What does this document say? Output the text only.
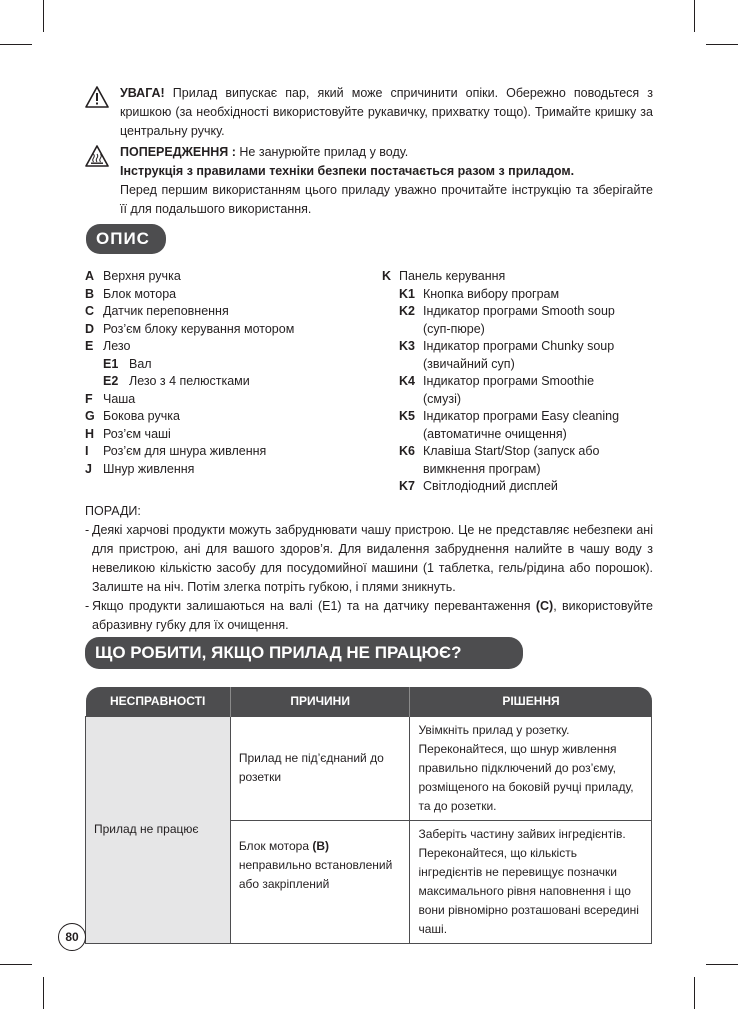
УВАГА! Прилад випускає пар, який може спричинити опіки. Обережно поводьтеся з кришкою (за необхідності використовуйте рукавичку, прихватку тощо). Тримайте кришку за центральну ручку.

ПОПЕРЕДЖЕННЯ : Не занурюйте прилад у воду.

Інструкція з правилами техніки безпеки постачається разом з приладом.

Перед першим використанням цього приладу уважно прочитайте інструкцію та зберігайте її для подальшого використання.

ОПИС
A Верхня ручка
B Блок мотора
C Датчик переповнення
D Роз’єм блоку керування мотором
E Лезо
E1 Вал
E2 Лезо з 4 пелюстками
F Чаша
G Бокова ручка
H Роз’єм чаші
I	Роз’єм для шнура живлення
J Шнур живлення
K Панель керування
K1 Кнопка вибору програм
K2 Індикатор програми Smooth soup (суп-пюре)
K3 Індикатор програми Chunky soup (звичайний суп)
K4 Індикатор програми Smoothie (смузі)
K5 Індикатор програми Easy cleaning (автоматичне очищення)
K6 Клавіша Start/Stop (запуск або вимкнення програм)
K7 Світлодіодний дисплей

ПОРАДИ:

- Деякі харчові продукти можуть забруднювати чашу пристрою. Це не представляє небезпеки ані для пристрою, ані для вашого здоров’я. Для видалення забруднення налийте в чашу воду з невеликою кількістю засобу для посудомийної машини (1 таблетка, гель/рідина або порошок). Залиште на ніч. Потім злегка потріть губкою, і плями зникнуть.
- Якщо продукти залишаються на валі (E1) та на датчику перевантаження (C), використовуйте абразивну губку для їх очищення.
ЩО РОБИТИ, ЯКЩО ПРИЛАД НЕ ПРАЦЮЄ?
НЕСПРАВНОСТІ	ПРИЧИНИ	РІШЕННЯ
Прилад не працює	Прилад не під’єднаний до розетки	Увімкніть прилад у розетку. Переконайтеся, що шнур живлення правильно підключений до роз’єму, розміщеного на боковій ручці приладу, та до розетки.
	Блок мотора (B) неправильно встановлений або закріплений	Заберіть частину зайвих інгредієнтів. Переконайтеся, що кількість інгредієнтів не перевищує позначки максимального рівня наповнення і що вони рівномірно розташовані всередині чаші.
80
